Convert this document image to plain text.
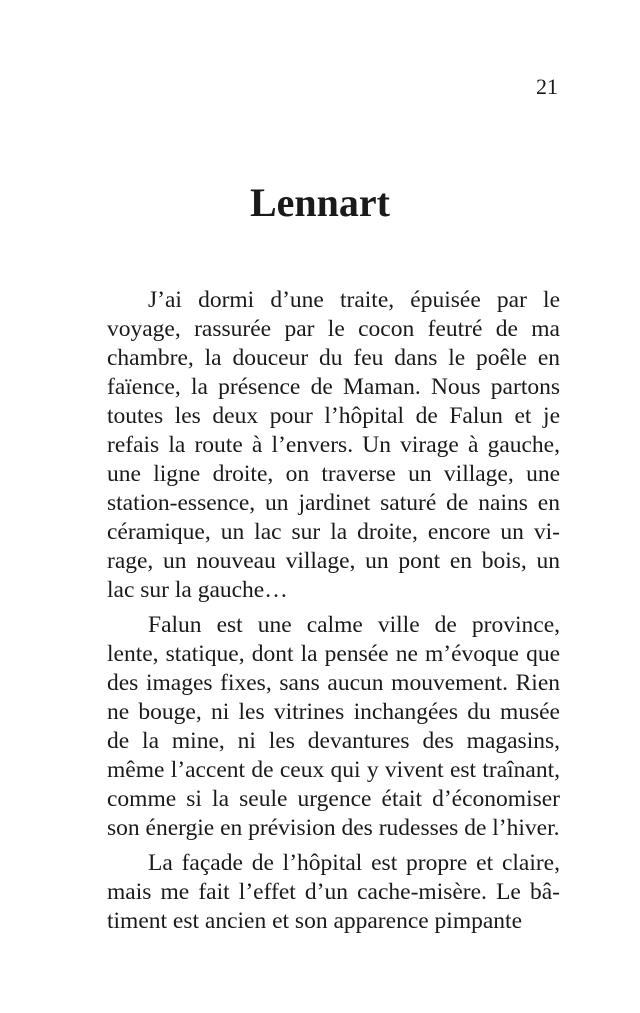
21
Lennart

J’ai dormi d’une traite, épuisée par le voyage, rassurée par le cocon feutré de ma chambre, la douceur du feu dans le poêle en faïence, la présence de Maman. Nous partons toutes les deux pour l’hôpital de Falun et je refais la route à l’envers. Un virage à gauche, une ligne droite, on traverse un village, une station-essence, un jardinet saturé de nains en céramique, un lac sur la droite, encore un vi-rage, un nouveau village, un pont en bois, un lac sur la gauche…

Falun est une calme ville de province, lente, statique, dont la pensée ne m’évoque que des images fixes, sans aucun mouvement. Rien ne bouge, ni les vitrines inchangées du musée de la mine, ni les devantures des magasins, même l’accent de ceux qui y vivent est traînant, comme si la seule urgence était d’économiser son énergie en prévision des rudesses de l’hiver.

La façade de l’hôpital est propre et claire, mais me fait l’effet d’un cache-misère. Le bâ-timent est ancien et son apparence pimpante
